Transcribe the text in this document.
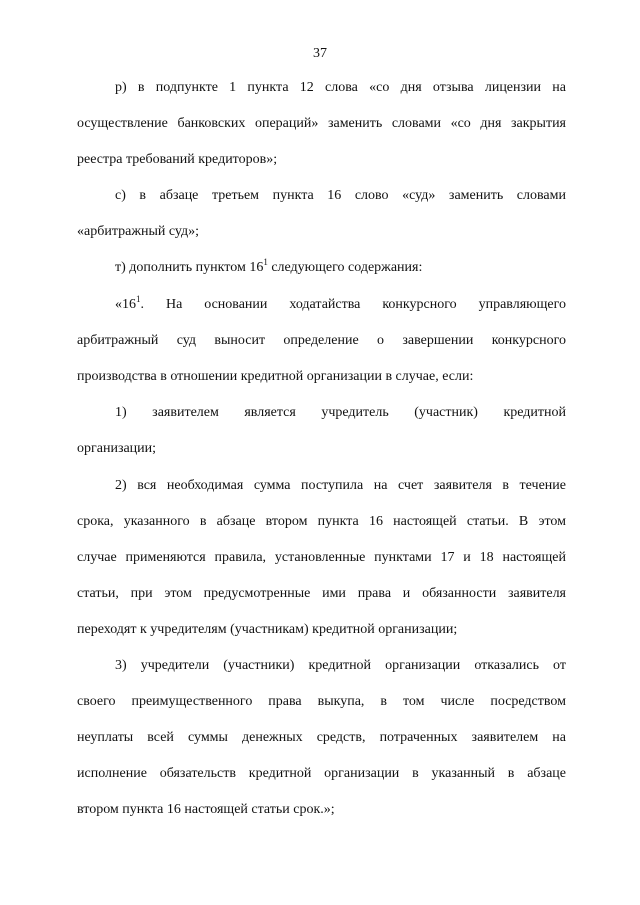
37
р) в подпункте 1 пункта 12 слова «со дня отзыва лицензии на
осуществление банковских операций» заменить словами «со дня закрытия
реестра требований кредиторов»;
с) в абзаце третьем пункта 16 слово «суд» заменить словами
«арбитражный суд»;
т) дополнить пунктом $16^1$ следующего содержания:
«$16^1$ . На основании ходатайства конкурсного управляющего
арбитражный суд выносит определение о завершении конкурсного
производства в отношении кредитной организации в случае, если:
1) заявителем является учредитель (участник) кредитной
организации;
2) вся необходимая сумма поступила на счет заявителя в течение
срока, указанного в абзаце втором пункта 16 настоящей статьи. В этом
случае применяются правила, установленные пунктами 17 и 18 настоящей
статьи, при этом предусмотренные ими права и обязанности заявителя
переходят к учредителям (участникам) кредитной организации;
3) учредители (участники) кредитной организации отказались от
своего преимущественного права выкупа, в том числе посредством
неуплаты всей суммы денежных средств, потраченных заявителем на
исполнение обязательств кредитной организации в указанный в абзаце
втором пункта 16 настоящей статьи срок.»;
